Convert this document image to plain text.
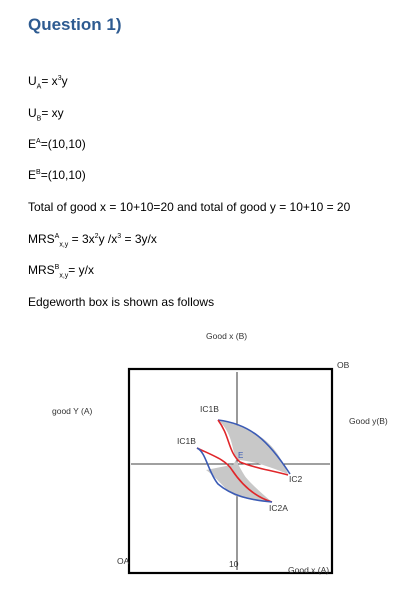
Question 1)
$U_A= x^3y$
$U_B=$ xy
$E^A=(10,10)$
$E^B=(10,10)$
Total of good x = 10+10=20 and total of good y = 10+10 = 20
$MRS^A_{x,y} = 3x^2y$ $/x^3 = 3y/x$
$MRS^B_{x,y}= y/x$
Edgeworth box is shown as follows
Good x (B)
good Y (A)
Good y(B)
OB
OA	10
Good x (A)
IC1B
IC1B
E
IC2
IC2A
